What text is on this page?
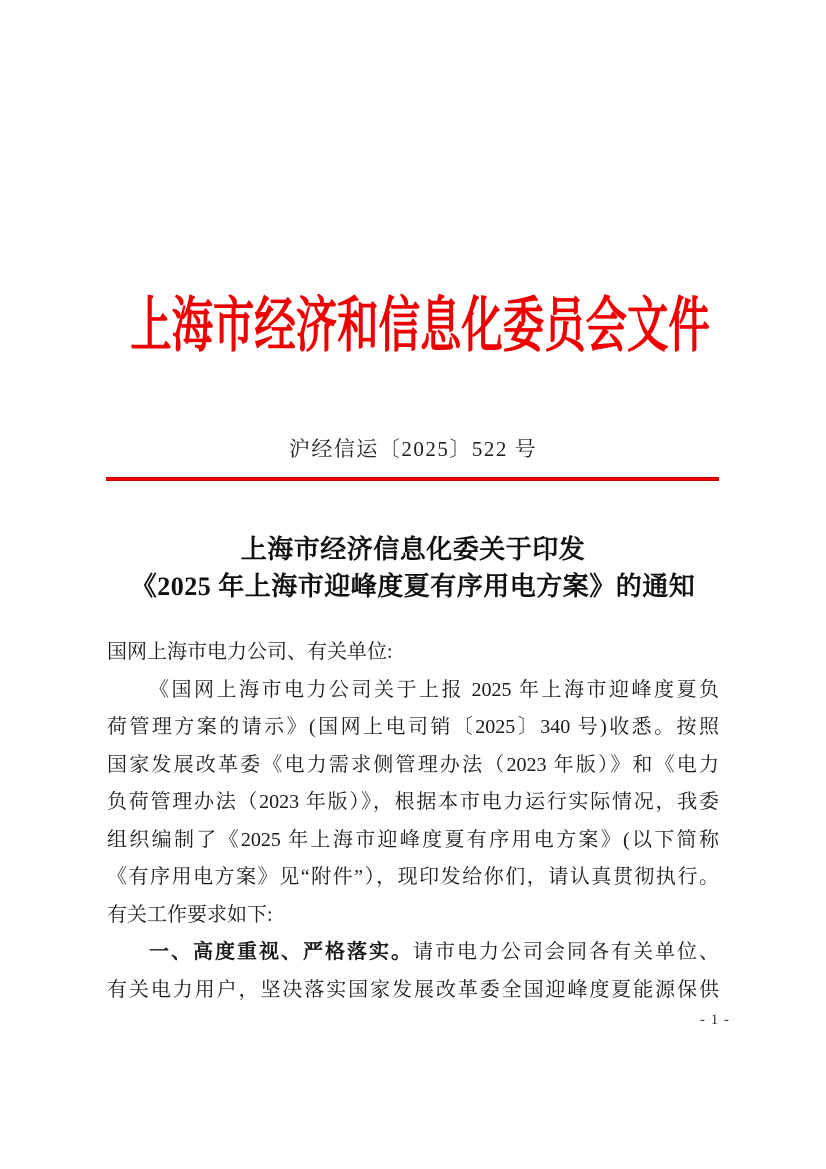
上海市经济和信息化委员会文件
沪经信运〔2025〕522 号
上海市经济信息化委关于印发
《2025 年上海市迎峰度夏有序用电方案》的通知
国网上海市电力公司、有关单位:
《国网上海市电力公司关于上报 2025 年上海市迎峰度夏负
荷管理方案的请示》(国网上电司销〔2025〕340 号)收悉。按照
国家发展改革委《电力需求侧管理办法（2023 年版）》和《电力
负荷管理办法（2023 年版）》，根据本市电力运行实际情况，我委
组织编制了《2025 年上海市迎峰度夏有序用电方案》(以下简称
《有序用电方案》见“附件”），现印发给你们，请认真贯彻执行。
有关工作要求如下:
一、高度重视、严格落实。请市电力公司会同各有关单位、
有关电力用户，坚决落实国家发展改革委全国迎峰度夏能源保供
- 1 -
